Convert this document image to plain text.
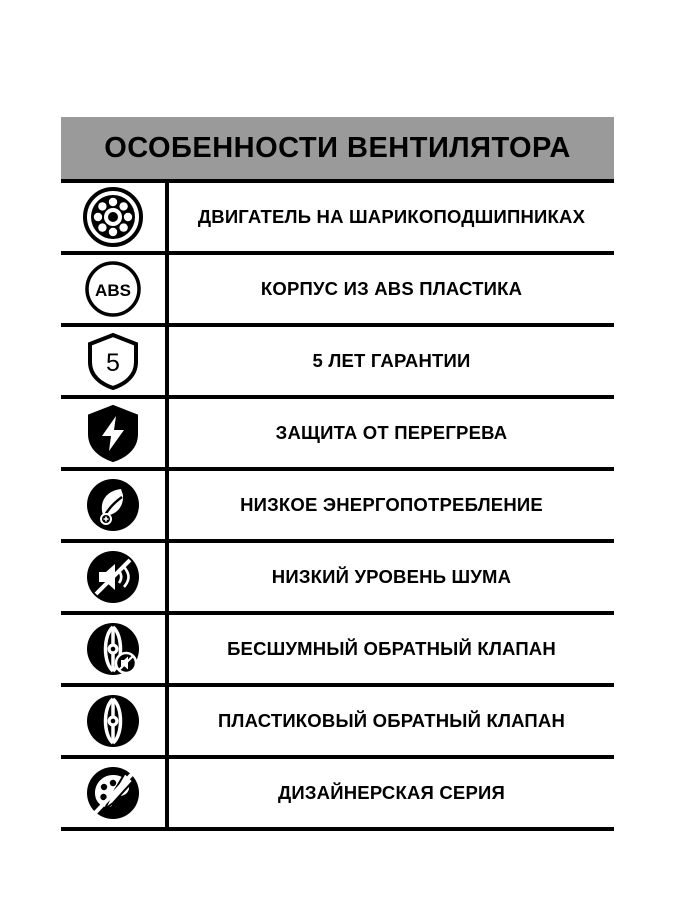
ОСОБЕННОСТИ ВЕНТИЛЯТОРА
ДВИГАТЕЛЬ НА ШАРИКОПОДШИПНИКАХ
ABS	КОРПУС ИЗ ABS ПЛАСТИКА
5	5 ЛЕТ ГАРАНТИИ
ЗАЩИТА ОТ ПЕРЕГРЕВА
НИЗКОЕ ЭНЕРГОПОТРЕБЛЕНИЕ
НИЗКИЙ УРОВЕНЬ ШУМА
БЕСШУМНЫЙ ОБРАТНЫЙ КЛАПАН
ПЛАСТИКОВЫЙ ОБРАТНЫЙ КЛАПАН
ДИЗАЙНЕРСКАЯ СЕРИЯ
